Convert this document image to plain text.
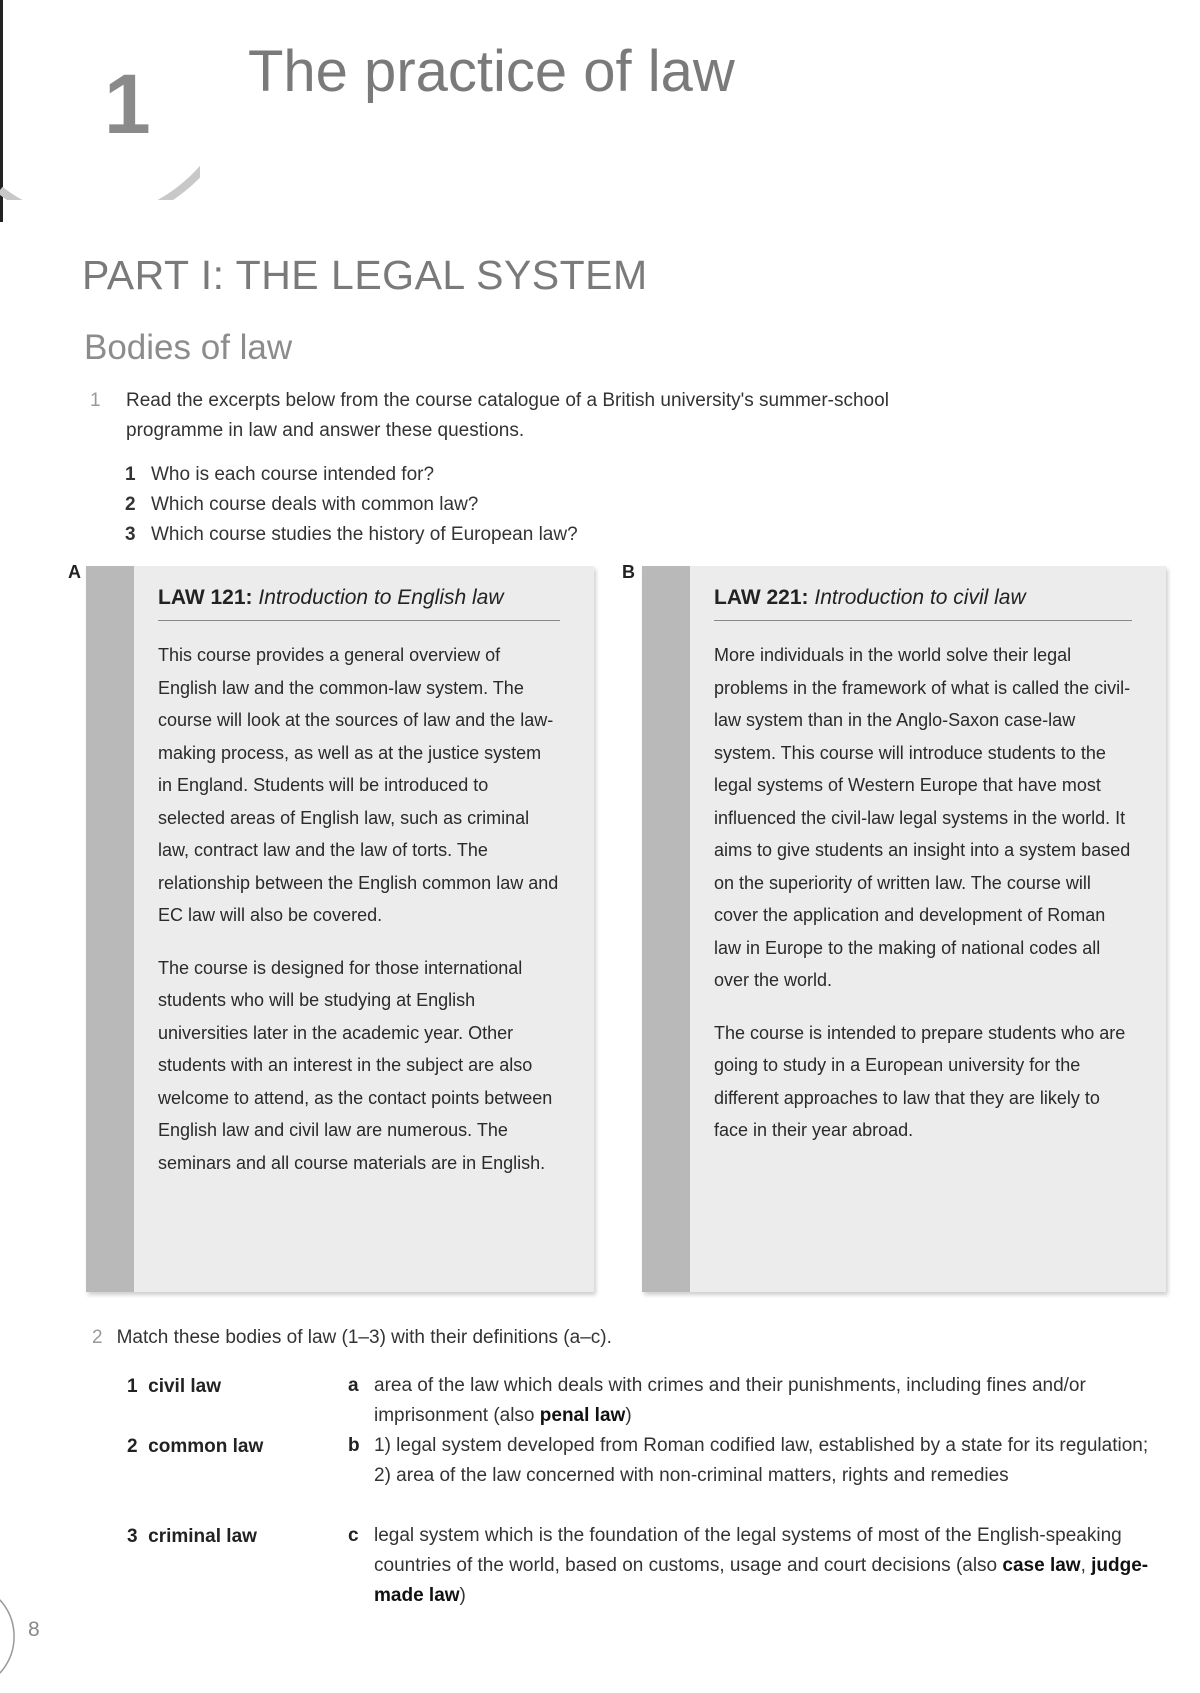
1 The practice of law
PART I: THE LEGAL SYSTEM
Bodies of law
1 Read the excerpts below from the course catalogue of a British university's summer-school programme in law and answer these questions.
1 Who is each course intended for?
2 Which course deals with common law?
3 Which course studies the history of European law?
A
LAW 121: Introduction to English law

This course provides a general overview of English law and the common-law system. The course will look at the sources of law and the law-making process, as well as at the justice system in England. Students will be introduced to selected areas of English law, such as criminal law, contract law and the law of torts. The relationship between the English common law and EC law will also be covered.

The course is designed for those international students who will be studying at English universities later in the academic year. Other students with an interest in the subject are also welcome to attend, as the contact points between English law and civil law are numerous. The seminars and all course materials are in English.

B
LAW 221: Introduction to civil law

More individuals in the world solve their legal problems in the framework of what is called the civil-law system than in the Anglo-Saxon case-law system. This course will introduce students to the legal systems of Western Europe that have most influenced the civil-law legal systems in the world. It aims to give students an insight into a system based on the superiority of written law. The course will cover the application and development of Roman law in Europe to the making of national codes all over the world.

The course is intended to prepare students who are going to study in a European university for the different approaches to law that they are likely to face in their year abroad.

2 Match these bodies of law (1–3) with their definitions (a–c).
1 civil law
2 common law
3 criminal law
a area of the law which deals with crimes and their punishments, including fines and/or imprisonment (also penal law)
b 1) legal system developed from Roman codified law, established by a state for its regulation; 2) area of the law concerned with non-criminal matters, rights and remedies
c legal system which is the foundation of the legal systems of most of the English-speaking countries of the world, based on customs, usage and court decisions (also case law, judge-made law)
8
